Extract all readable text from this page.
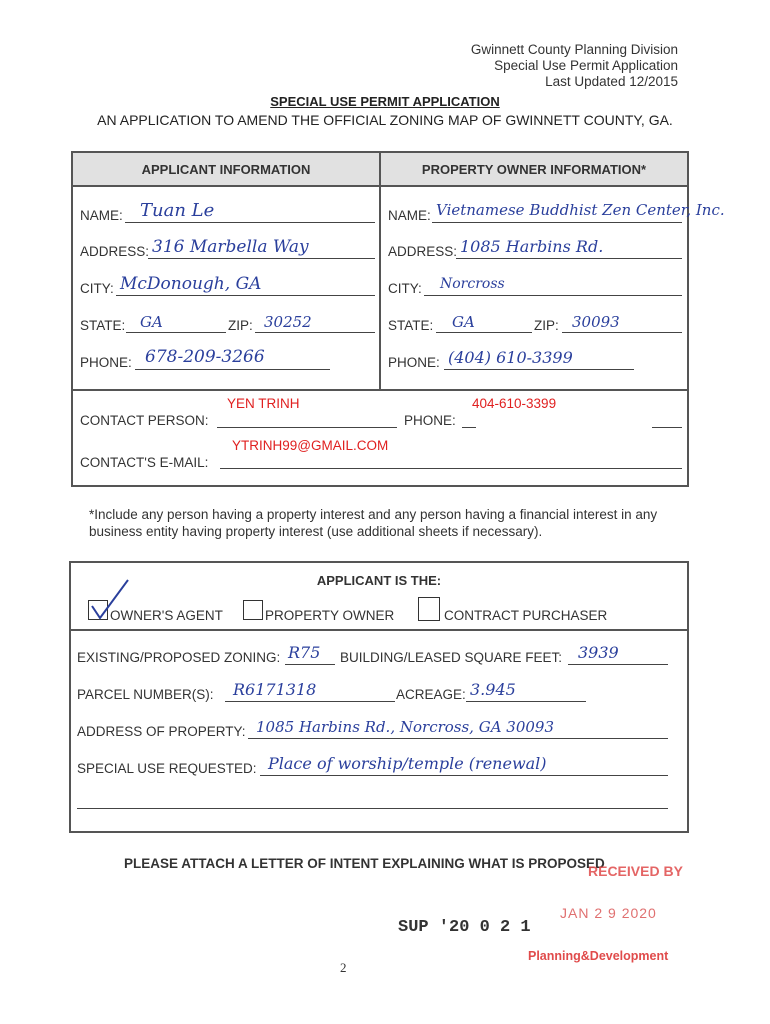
Gwinnett County Planning Division
Special Use Permit Application
Last Updated 12/2015
SPECIAL USE PERMIT APPLICATION
AN APPLICATION TO AMEND THE OFFICIAL ZONING MAP OF GWINNETT COUNTY, GA.
APPLICANT INFORMATION	PROPERTY OWNER INFORMATION*
NAME: Tuan Le
ADDRESS: 316 Marbella Way
CITY: McDonough, GA
STATE: GA	ZIP: 30252
PHONE: 678-209-3266
NAME: Vietnamese Buddhist Zen Center, Inc.
ADDRESS: 1085 Harbins Rd.
CITY: Norcross
STATE: GA	ZIP: 30093
PHONE: (404) 610-3399
YEN TRINH	404-610-3399
CONTACT PERSON:	PHONE:
YTRINH99@GMAIL.COM
CONTACT'S E-MAIL:
*Include any person having a property interest and any person having a financial interest in any business entity having property interest (use additional sheets if necessary).
APPLICANT IS THE:
OWNER'S AGENT	PROPERTY OWNER	CONTRACT PURCHASER
EXISTING/PROPOSED ZONING: R75 BUILDING/LEASED SQUARE FEET: 3939
PARCEL NUMBER(S): R6171318	ACREAGE: 3.945
ADDRESS OF PROPERTY: 1085 Harbins Rd., Norcross, GA 30093
SPECIAL USE REQUESTED: Place of worship/temple (renewal)
PLEASE ATTACH A LETTER OF INTENT EXPLAINING WHAT IS PROPOSED
RECEIVED BY
JAN 2 9 2020
SUP '20 0 2 1
Planning&Development
2
